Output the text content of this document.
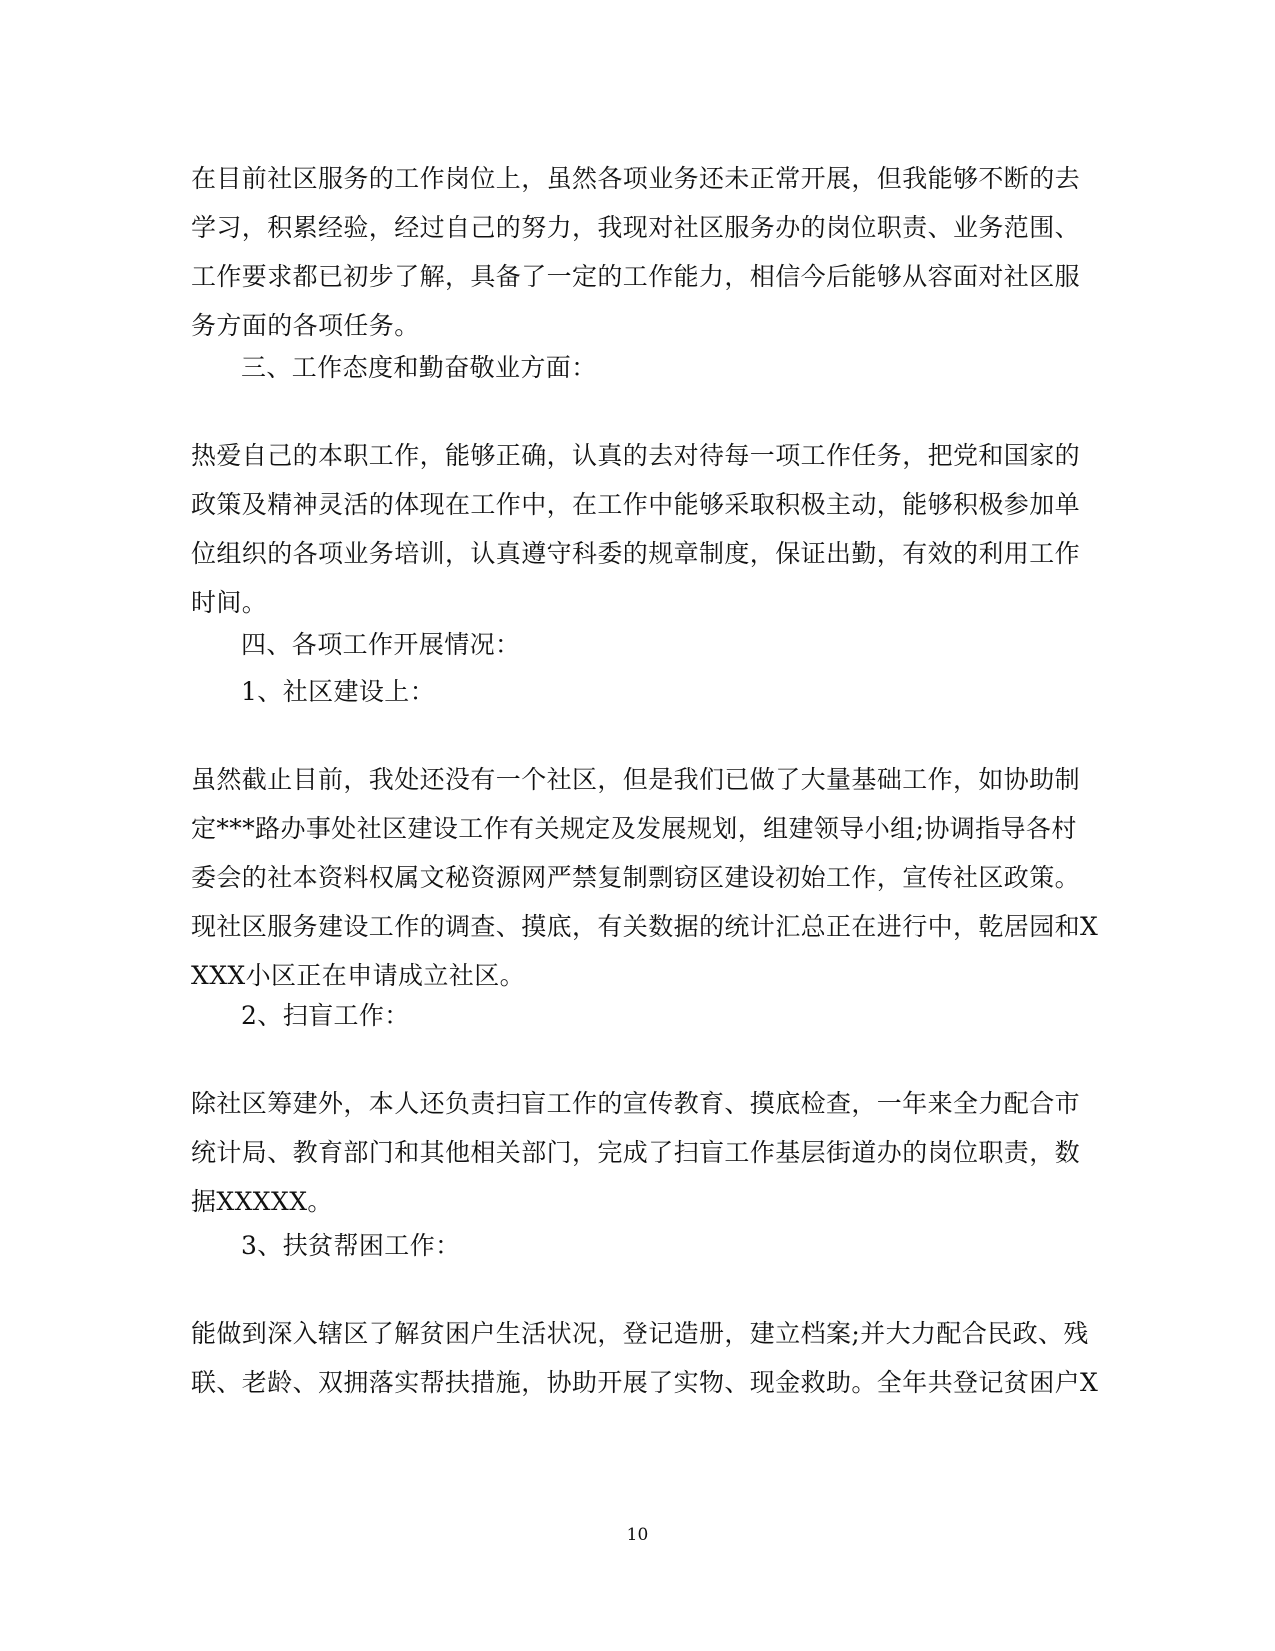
在目前社区服务的工作岗位上，虽然各项业务还未正常开展，但我能够不断的去
学习，积累经验，经过自己的努力，我现对社区服务办的岗位职责、业务范围、
工作要求都已初步了解，具备了一定的工作能力，相信今后能够从容面对社区服
务方面的各项任务。
三、工作态度和勤奋敬业方面：
热爱自己的本职工作，能够正确，认真的去对待每一项工作任务，把党和国家的
政策及精神灵活的体现在工作中，在工作中能够采取积极主动，能够积极参加单
位组织的各项业务培训，认真遵守科委的规章制度，保证出勤，有效的利用工作
时间。
四、各项工作开展情况：
1、社区建设上：
虽然截止目前，我处还没有一个社区，但是我们已做了大量基础工作，如协助制
定***路办事处社区建设工作有关规定及发展规划，组建领导小组;协调指导各村
委会的社本资料权属文秘资源网严禁复制剽窃区建设初始工作，宣传社区政策。
现社区服务建设工作的调查、摸底，有关数据的统计汇总正在进行中，乾居园和X
XXX小区正在申请成立社区。
2、扫盲工作：
除社区筹建外，本人还负责扫盲工作的宣传教育、摸底检查，一年来全力配合市
统计局、教育部门和其他相关部门，完成了扫盲工作基层街道办的岗位职责，数
据XXXXX。
3、扶贫帮困工作：
能做到深入辖区了解贫困户生活状况，登记造册，建立档案;并大力配合民政、残
联、老龄、双拥落实帮扶措施，协助开展了实物、现金救助。全年共登记贫困户X
10
